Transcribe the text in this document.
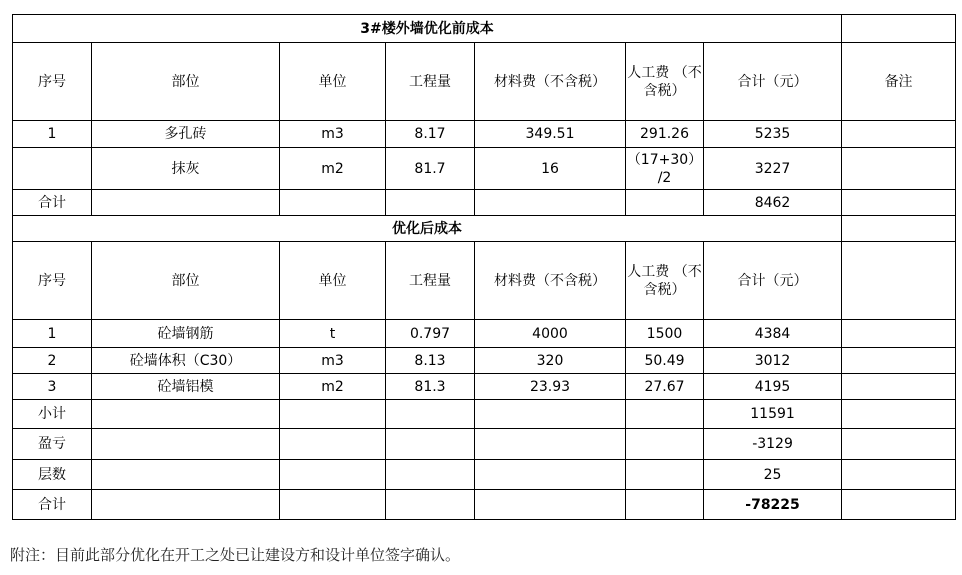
3#楼外墙优化前成本							
序号	部位	单位	工程量	材料费（不含税）	人工费 （不含税）	合计（元）	备注
1	多孔砖	m3	8.17	349.51	291.26	5235	
	抹灰	m2	81.7	16	（17+30） /2	3227	
合计						8462	
优化后成本							
序号	部位	单位	工程量	材料费（不含税）	人工费 （不含税）	合计（元）	
1	砼墙钢筋	t	0.797	4000	1500	4384	
2	砼墙体积（C30）	m3	8.13	320	50.49	3012	
3	砼墙铝模	m2	81.3	23.93	27.67	4195	
小计						11591	
盈亏						-3129	
层数						25	
合计						-78225	
附注：目前此部分优化在开工之处已让建设方和设计单位签字确认。
